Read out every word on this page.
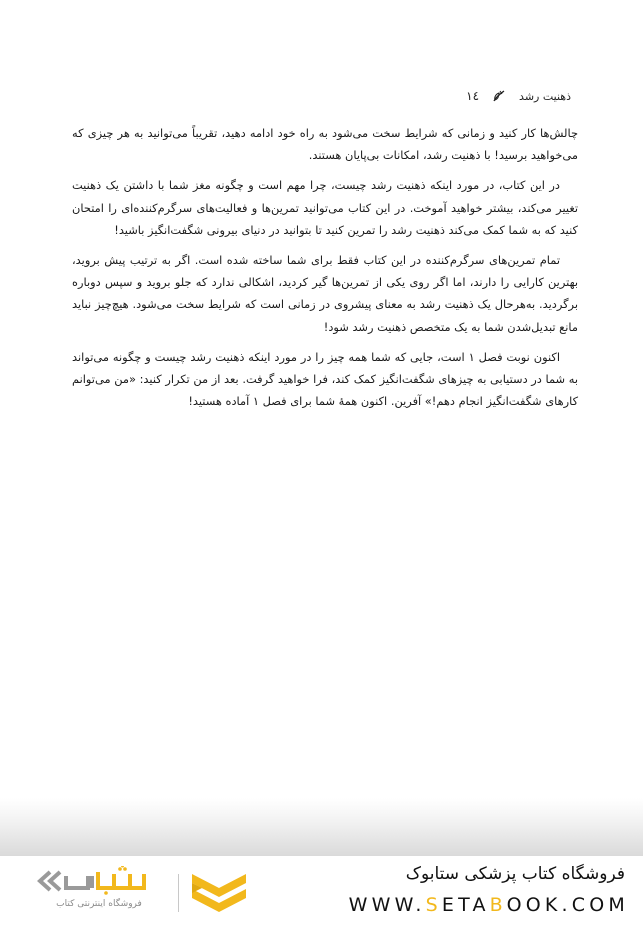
١٤	ذهنیت رشد

چالش‌ها کار کنید و زمانی که شرایط سخت می‌شود به راه خود ادامه دهید، تقریباً می‌توانید به هر چیزی که می‌خواهید برسید! با ذهنیت رشد، امکانات بی‌پایان هستند.

در این کتاب، در مورد اینکه ذهنیت رشد چیست، چرا مهم است و چگونه مغز شما با داشتن یک ذهنیت تغییر می‌کند، بیشتر خواهید آموخت. در این کتاب می‌توانید تمرین‌ها و فعالیت‌های سرگرم‌کننده‌ای را امتحان کنید که به شما کمک می‌کند ذهنیت رشد را تمرین کنید تا بتوانید در دنیای بیرونی شگفت‌انگیز باشید!

تمام تمرین‌های سرگرم‌کننده در این کتاب فقط برای شما ساخته شده است. اگر به ترتیب پیش بروید، بهترین کارایی را دارند، اما اگر روی یکی از تمرین‌ها گیر کردید، اشکالی ندارد که جلو بروید و سپس دوباره برگردید. به‌هرحال یک ذهنیت رشد به معنای پیشروی در زمانی است که شرایط سخت می‌شود. هیچ‌چیز نباید مانع تبدیل‌شدن شما به یک متخصص ذهنیت رشد شود!

اکنون نوبت فصل ۱ است، جایی که شما همه چیز را در مورد اینکه ذهنیت رشد چیست و چگونه می‌تواند به شما در دستیابی به چیزهای شگفت‌انگیز کمک کند، فرا خواهید گرفت. بعد از من تکرار کنید: «من می‌توانم کارهای شگفت‌انگیز انجام دهم!» آفرین. اکنون همهٔ شما برای فصل ۱ آماده هستید!

فروشگاه اینترنتی کتاب
فروشگاه کتاب پزشکی ستابوک
WWW.SETABOOK.COM
